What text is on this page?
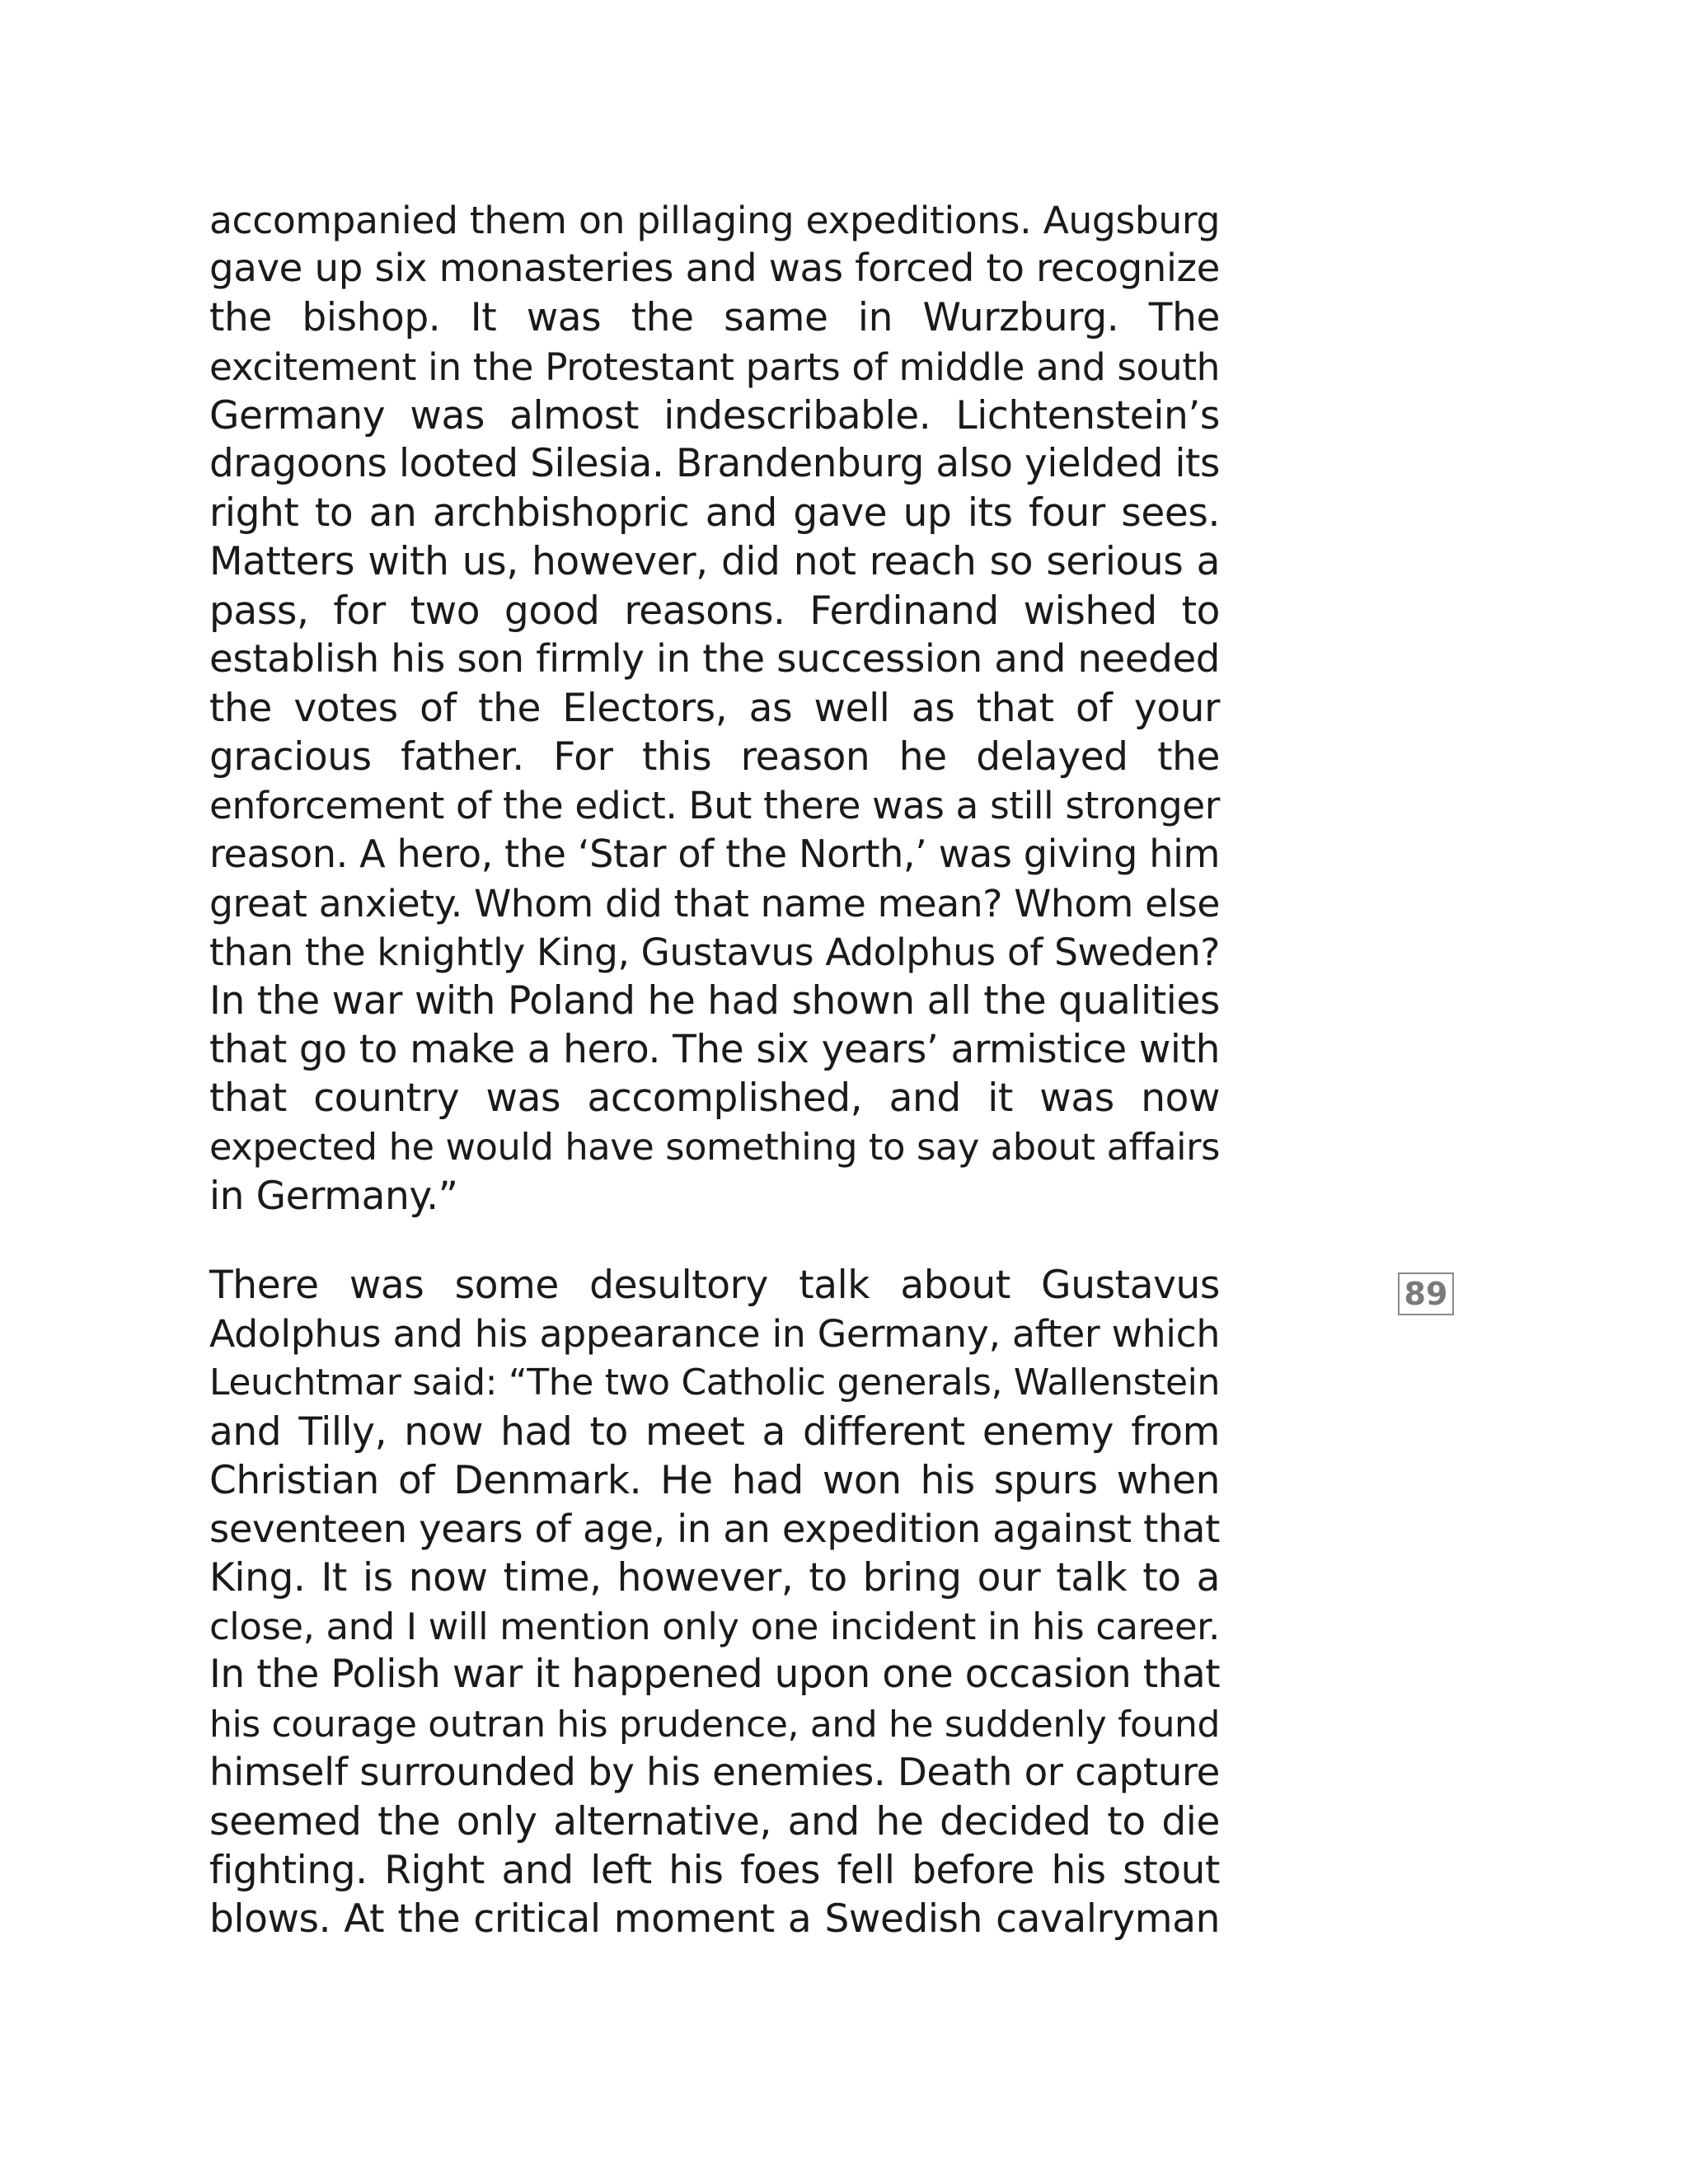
accompanied them on pillaging expeditions. Augsburg
gave up six monasteries and was forced to recognize
the bishop. It was the same in Wurzburg. The
excitement in the Protestant parts of middle and south
Germany was almost indescribable. Lichtenstein’s
dragoons looted Silesia. Brandenburg also yielded its
right to an archbishopric and gave up its four sees.
Matters with us, however, did not reach so serious a
pass, for two good reasons. Ferdinand wished to
establish his son firmly in the succession and needed
the votes of the Electors, as well as that of your
gracious father. For this reason he delayed the
enforcement of the edict. But there was a still stronger
reason. A hero, the ‘Star of the North,’ was giving him
great anxiety. Whom did that name mean? Whom else
than the knightly King, Gustavus Adolphus of Sweden?
In the war with Poland he had shown all the qualities
that go to make a hero. The six years’ armistice with
that country was accomplished, and it was now
expected he would have something to say about affairs
in Germany.”
There was some desultory talk about Gustavus
Adolphus and his appearance in Germany, after which
Leuchtmar said: “The two Catholic generals, Wallenstein
and Tilly, now had to meet a different enemy from
Christian of Denmark. He had won his spurs when
seventeen years of age, in an expedition against that
King. It is now time, however, to bring our talk to a
close, and I will mention only one incident in his career.
In the Polish war it happened upon one occasion that
his courage outran his prudence, and he suddenly found
himself surrounded by his enemies. Death or capture
seemed the only alternative, and he decided to die
fighting. Right and left his foes fell before his stout
blows. At the critical moment a Swedish cavalryman
89
